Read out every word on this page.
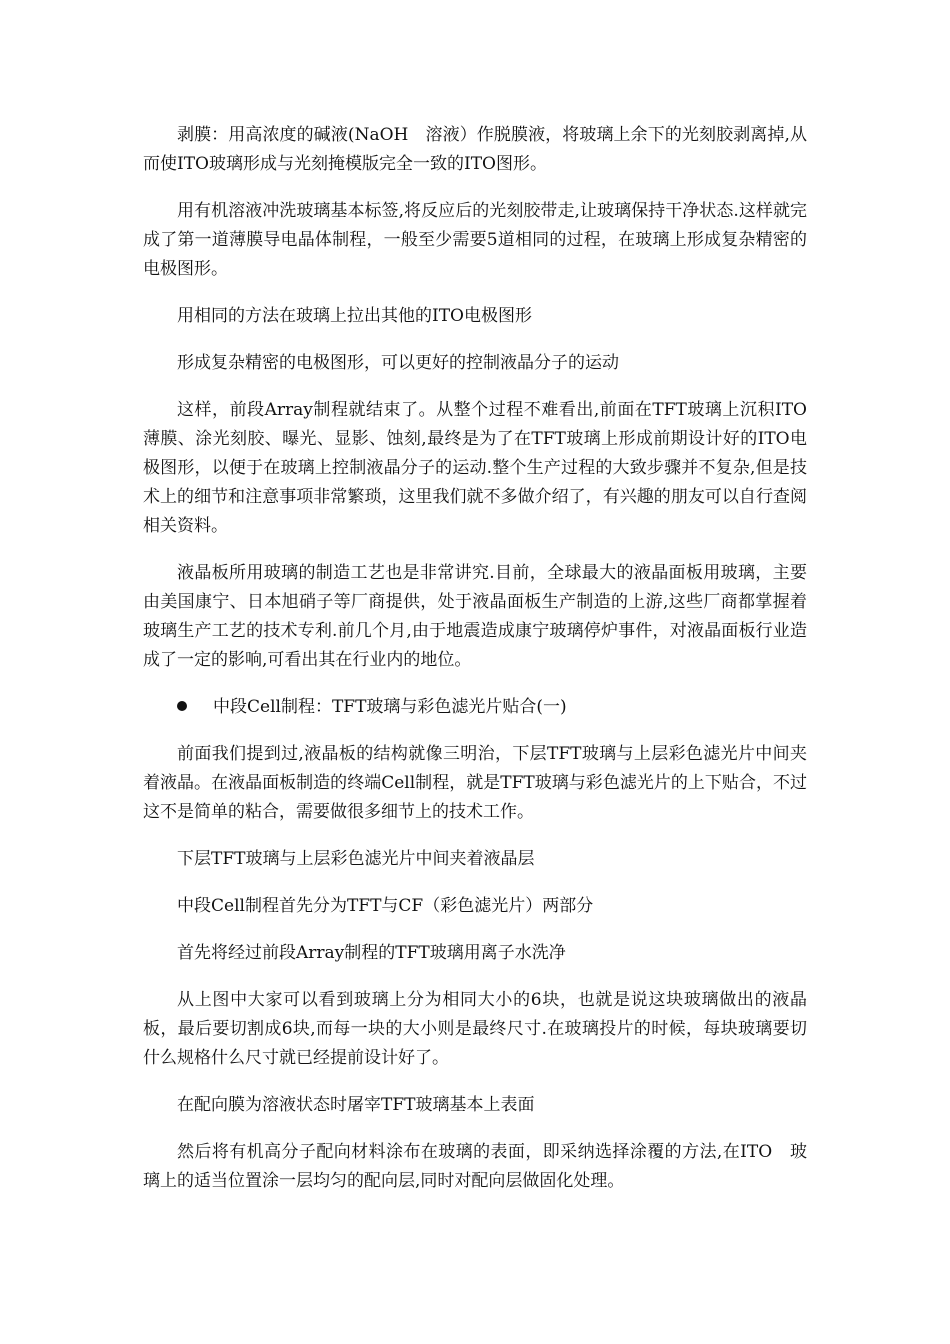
剥膜：用高浓度的碱液(NaOH　溶液）作脱膜液，将玻璃上余下的光刻胶剥离掉,从而使ITO玻璃形成与光刻掩模版完全一致的ITO图形。

用有机溶液冲洗玻璃基本标签,将反应后的光刻胶带走,让玻璃保持干净状态.这样就完成了第一道薄膜导电晶体制程，一般至少需要5道相同的过程，在玻璃上形成复杂精密的电极图形。

用相同的方法在玻璃上拉出其他的ITO电极图形

形成复杂精密的电极图形，可以更好的控制液晶分子的运动

这样，前段Array制程就结束了。从整个过程不难看出,前面在TFT玻璃上沉积ITO薄膜、涂光刻胶、曝光、显影、蚀刻,最终是为了在TFT玻璃上形成前期设计好的ITO电极图形，以便于在玻璃上控制液晶分子的运动.整个生产过程的大致步骤并不复杂,但是技术上的细节和注意事项非常繁琐，这里我们就不多做介绍了，有兴趣的朋友可以自行查阅相关资料。

液晶板所用玻璃的制造工艺也是非常讲究.目前，全球最大的液晶面板用玻璃，主要由美国康宁、日本旭硝子等厂商提供，处于液晶面板生产制造的上游,这些厂商都掌握着玻璃生产工艺的技术专利.前几个月,由于地震造成康宁玻璃停炉事件，对液晶面板行业造成了一定的影响,可看出其在行业内的地位。

中段Cell制程：TFT玻璃与彩色滤光片贴合(一)

前面我们提到过,液晶板的结构就像三明治，下层TFT玻璃与上层彩色滤光片中间夹着液晶。在液晶面板制造的终端Cell制程，就是TFT玻璃与彩色滤光片的上下贴合，不过这不是简单的粘合，需要做很多细节上的技术工作。

下层TFT玻璃与上层彩色滤光片中间夹着液晶层

中段Cell制程首先分为TFT与CF（彩色滤光片）两部分

首先将经过前段Array制程的TFT玻璃用离子水洗净

从上图中大家可以看到玻璃上分为相同大小的6块，也就是说这块玻璃做出的液晶板，最后要切割成6块,而每一块的大小则是最终尺寸.在玻璃投片的时候，每块玻璃要切什么规格什么尺寸就已经提前设计好了。

在配向膜为溶液状态时屠宰TFT玻璃基本上表面

然后将有机高分子配向材料涂布在玻璃的表面，即采纳选择涂覆的方法,在ITO　玻璃上的适当位置涂一层均匀的配向层,同时对配向层做固化处理。
